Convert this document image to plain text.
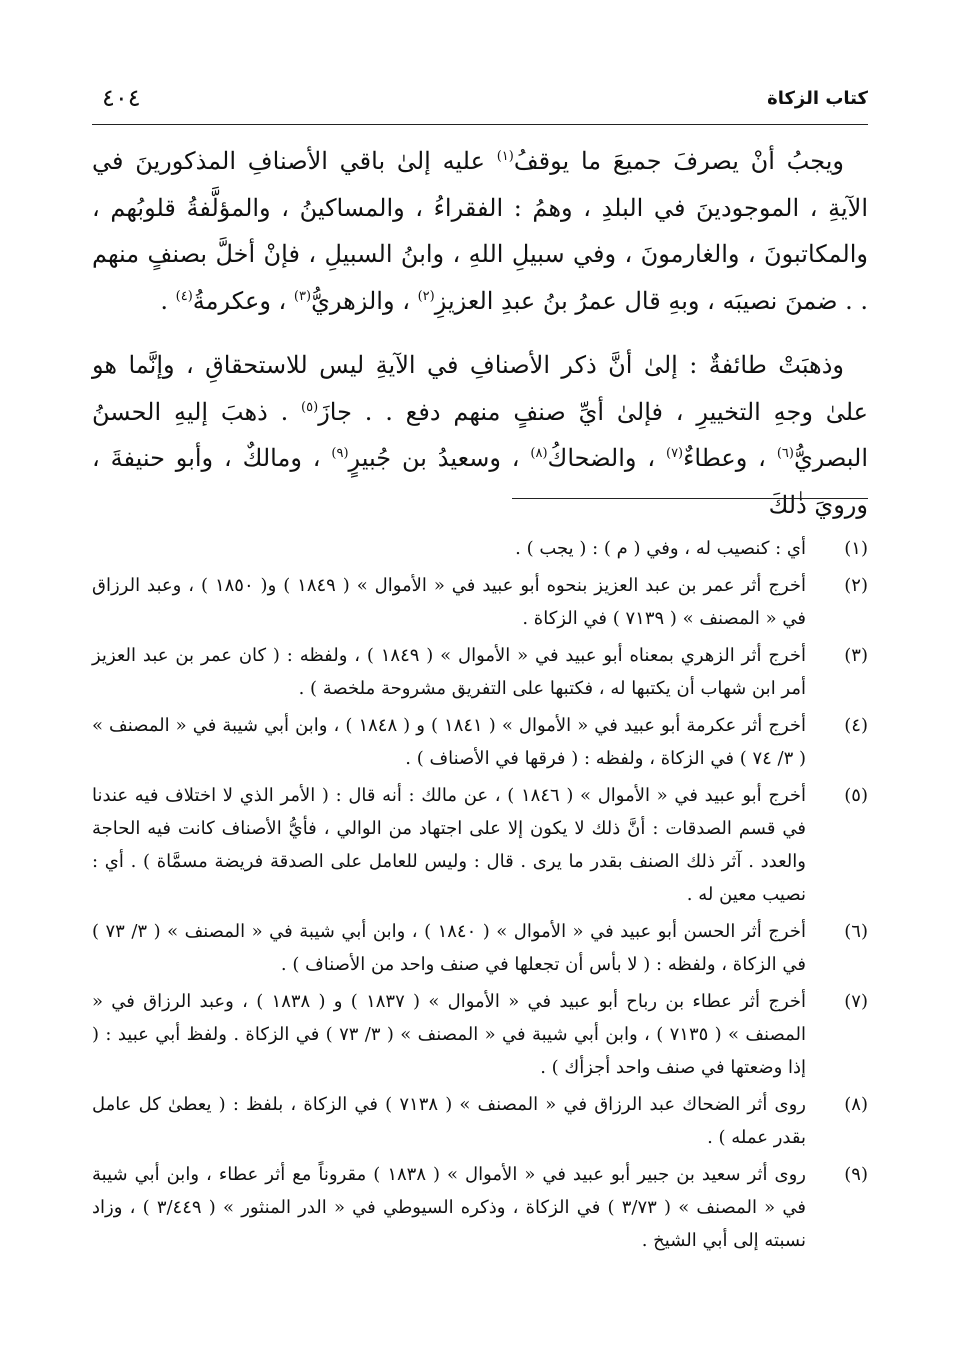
كتاب الزكاة
٤٠٤

ويجبُ أنْ يصرفَ جميعَ ما يوقفُ$^{(١)}$ عليه إلىٰ باقي الأصنافِ المذكورينَ في الآيةِ ، الموجودينَ في البلدِ ، وهمُ : الفقراءُ ، والمساكينُ ، والمؤلَّفةُ قلوبُهم ، والمكاتبونَ ، والغارمونَ ، وفي سبيلِ اللهِ ، وابنُ السبيلِ ، فإنْ أخلَّ بصنفٍ منهم . . ضمنَ نصيبَه ، وبهِ قال عمرُ بنُ عبدِ العزيزِ$^{(٢)}$ ، والزهريُّ$^{(٣)}$ ، وعكرمةُ$^{(٤)}$ .

وذهبَتْ طائفةٌ : إلىٰ أنَّ ذكر الأصنافِ في الآيةِ ليس للاستحقاقِ ، وإنَّما هو علىٰ وجهِ التخييرِ ، فإلىٰ أيِّ صنفٍ منهم دفع . . جازَ$^{(٥)}$ . ذهبَ إليهِ الحسنُ البصريُّ$^{(٦)}$ ، وعطاءٌ$^{(٧)}$ ، والضحاكُ$^{(٨)}$ ، وسعيدُ بن جُبيرٍ$^{(٩)}$ ، ومالكٌ ، وأبو حنيفةَ ، ورويَ ذٰلكَ

(١)
أي : كنصيب له ، وفي ( م ) : ( يجب ) .
(٢)
أخرج أثر عمر بن عبد العزيز بنحوه أبو عبيد في « الأموال » ( ١٨٤٩ ) و( ١٨٥٠ ) ، وعبد الرزاق في « المصنف » ( ٧١٣٩ ) في الزكاة .
(٣)
أخرج أثر الزهري بمعناه أبو عبيد في « الأموال » ( ١٨٤٩ ) ، ولفظه : ( كان عمر بن عبد العزيز أمر ابن شهاب أن يكتبها له ، فكتبها على التفريق مشروحة ملخصة ) .
(٤)
أخرج أثر عكرمة أبو عبيد في « الأموال » ( ١٨٤١ ) و ( ١٨٤٨ ) ، وابن أبي شيبة في « المصنف » ( ٣/ ٧٤ ) في الزكاة ، ولفظه : ( فرقها في الأصناف ) .
(٥)
أخرج أبو عبيد في « الأموال » ( ١٨٤٦ ) ، عن مالك : أنه قال : ( الأمر الذي لا اختلاف فيه عندنا في قسم الصدقات : أنَّ ذلك لا يكون إلا على اجتهاد من الوالي ، فأيُّ الأصناف كانت فيه الحاجة والعدد . آثر ذلك الصنف بقدر ما يرى . قال : وليس للعامل على الصدقة فريضة مسمَّاة ) . أي : نصيب معين له .
(٦)
أخرج أثر الحسن أبو عبيد في « الأموال » ( ١٨٤٠ ) ، وابن أبي شيبة في « المصنف » ( ٣/ ٧٣ ) في الزكاة ، ولفظه : ( لا بأس أن تجعلها في صنف واحد من الأصناف ) .
(٧)
أخرج أثر عطاء بن رباح أبو عبيد في « الأموال » ( ١٨٣٧ ) و ( ١٨٣٨ ) ، وعبد الرزاق في « المصنف » ( ٧١٣٥ ) ، وابن أبي شيبة في « المصنف » ( ٣/ ٧٣ ) في الزكاة . ولفظ أبي عبيد : ( إذا وضعتها في صنف واحد أجزأك ) .
(٨)
روى أثر الضحاك عبد الرزاق في « المصنف » ( ٧١٣٨ ) في الزكاة ، بلفظ : ( يعطىٰ كل عامل بقدر عمله ) .
(٩)
روى أثر سعيد بن جبير أبو عبيد في « الأموال » ( ١٨٣٨ ) مقروناً مع أثر عطاء ، وابن أبي شيبة في « المصنف » ( ٣/٧٣ ) في الزكاة ، وذكره السيوطي في « الدر المنثور » ( ٣/٤٤٩ ) ، وزاد نسبته إلى أبي الشيخ .
